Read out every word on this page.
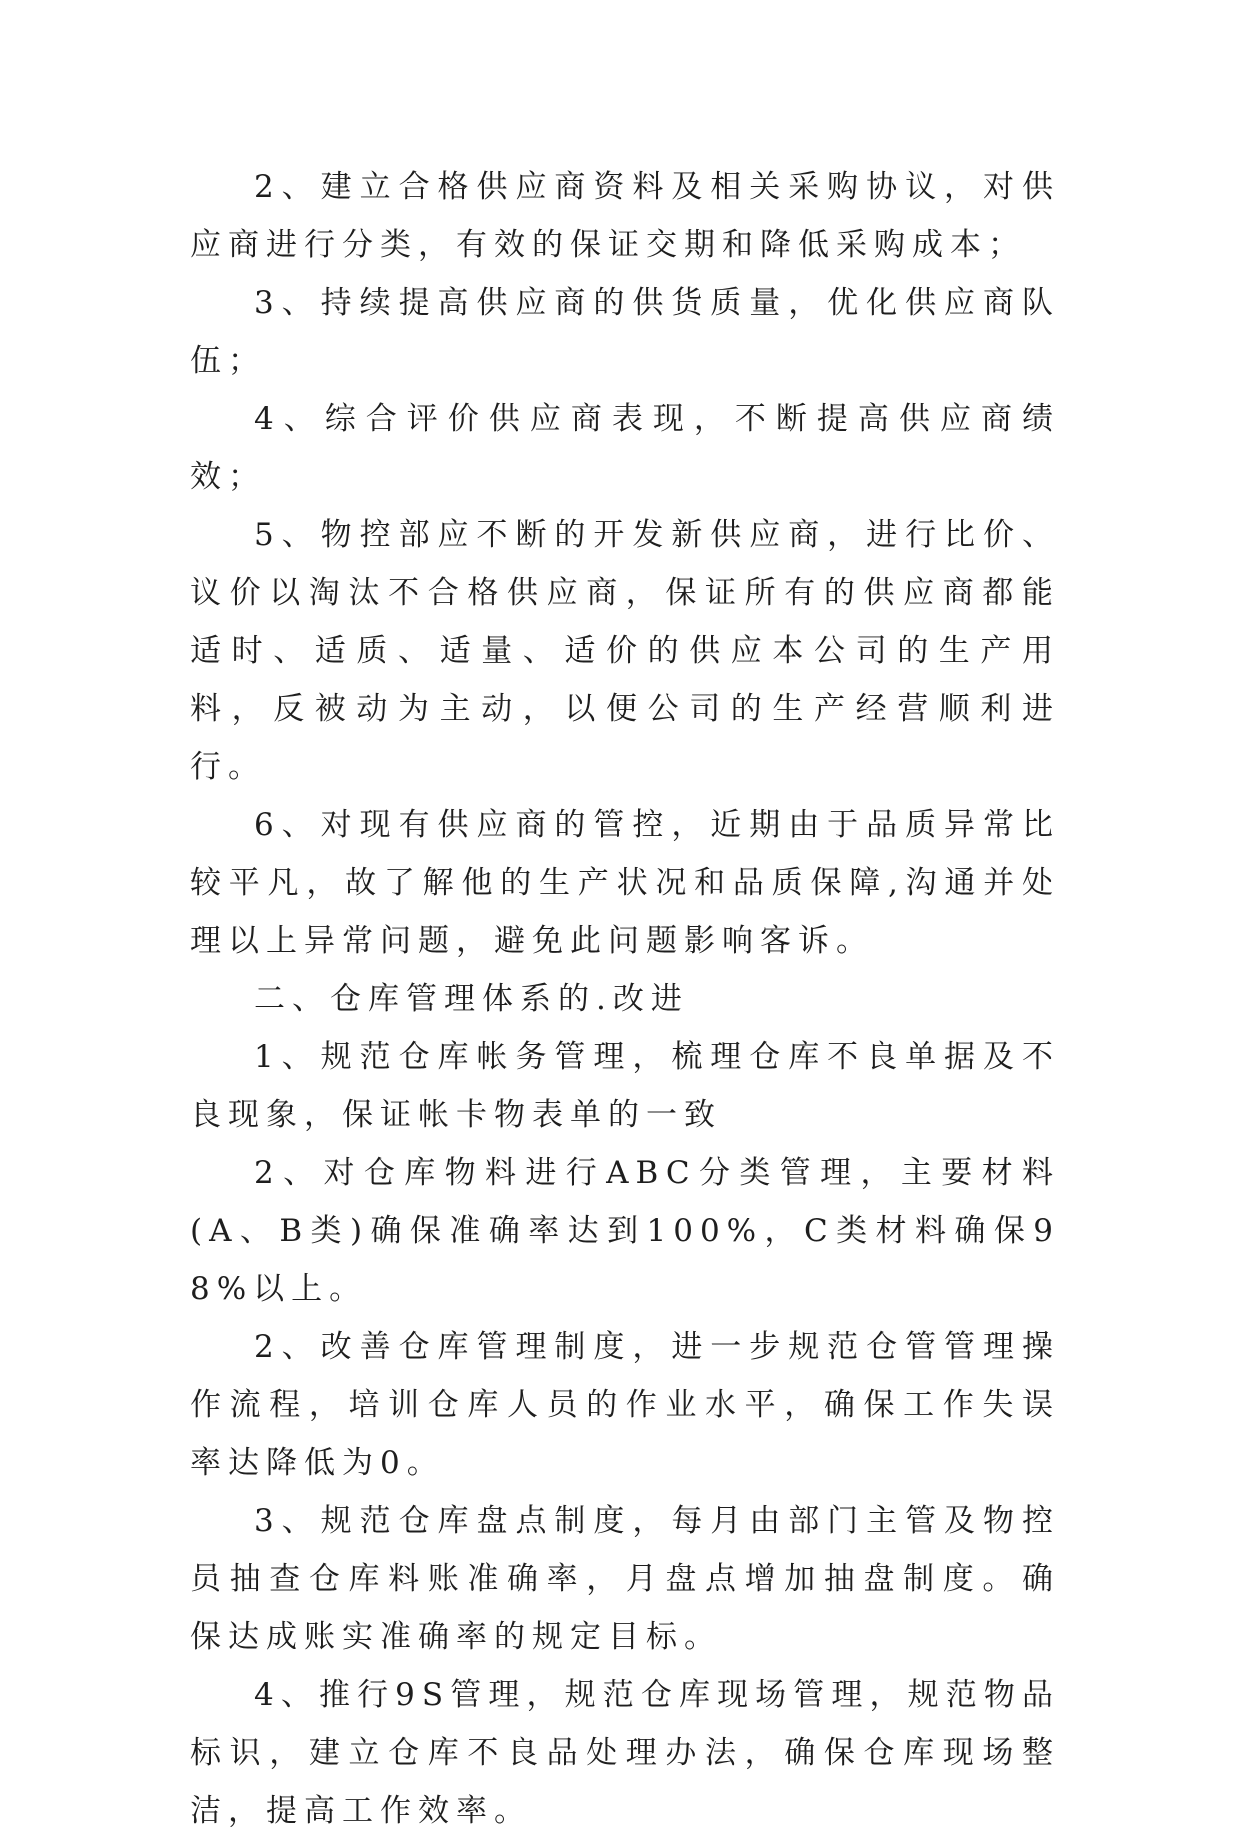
2、建立合格供应商资料及相关采购协议，对供应商进行分类，有效的保证交期和降低采购成本；

3、持续提高供应商的供货质量，优化供应商队伍；

4、综合评价供应商表现，不断提高供应商绩效；

5、物控部应不断的开发新供应商，进行比价、议价以淘汰不合格供应商，保证所有的供应商都能适时、适质、适量、适价的供应本公司的生产用料，反被动为主动，以便公司的生产经营顺利进行。

6、对现有供应商的管控，近期由于品质异常比较平凡，故了解他的生产状况和品质保障,沟通并处理以上异常问题，避免此问题影响客诉。

二、仓库管理体系的.改进

1、规范仓库帐务管理，梳理仓库不良单据及不良现象，保证帐卡物表单的一致

2、对仓库物料进行ABC分类管理，主要材料(A、B类)确保准确率达到100%，C类材料确保98%以上。

2、改善仓库管理制度，进一步规范仓管管理操作流程，培训仓库人员的作业水平，确保工作失误率达降低为0。

3、规范仓库盘点制度，每月由部门主管及物控员抽查仓库料账准确率，月盘点增加抽盘制度。确保达成账实准确率的规定目标。

4、推行9S管理，规范仓库现场管理，规范物品标识，建立仓库不良品处理办法，确保仓库现场整洁，提高工作效率。
